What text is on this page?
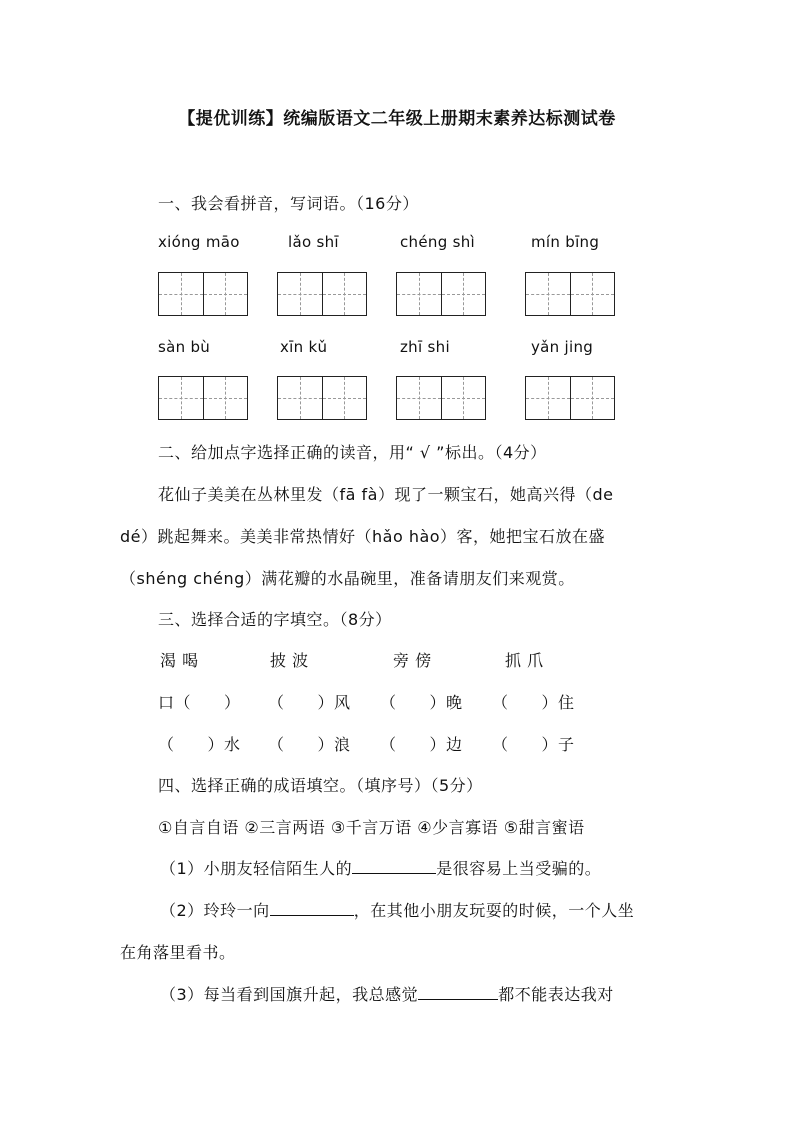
【提优训练】统编版语文二年级上册期末素养达标测试卷
一、我会看拼音，写词语。（16分）
xióng māo	lǎo shī	chéng shì	mín bīng
sàn bù	xīn kǔ	zhī shi	yǎn jing
二、给加点字选择正确的读音，用“ √ ”标出。（4分）
花仙子美美在丛林里发（fā fà）现了一颗宝石，她高兴得（de
dé）跳起舞来。美美非常热情好（hǎo hào）客，她把宝石放在盛
（shéng chéng）满花瓣的水晶碗里，准备请朋友们来观赏。
三、选择合适的字填空。（8分）
渴 喝	披 波	旁 傍	抓 爪
口（　　） （　　）风 （　　）晚 （　　）住
（　　）水 （　　）浪 （　　）边 （　　）子
四、选择正确的成语填空。（填序号）（5分）
①自言自语 ②三言两语 ③千言万语 ④少言寡语 ⑤甜言蜜语
（1）小朋友轻信陌生人的	是很容易上当受骗的。
（2）玲玲一向	，在其他小朋友玩耍的时候，一个人坐
在角落里看书。
（3）每当看到国旗升起，我总感觉	都不能表达我对
